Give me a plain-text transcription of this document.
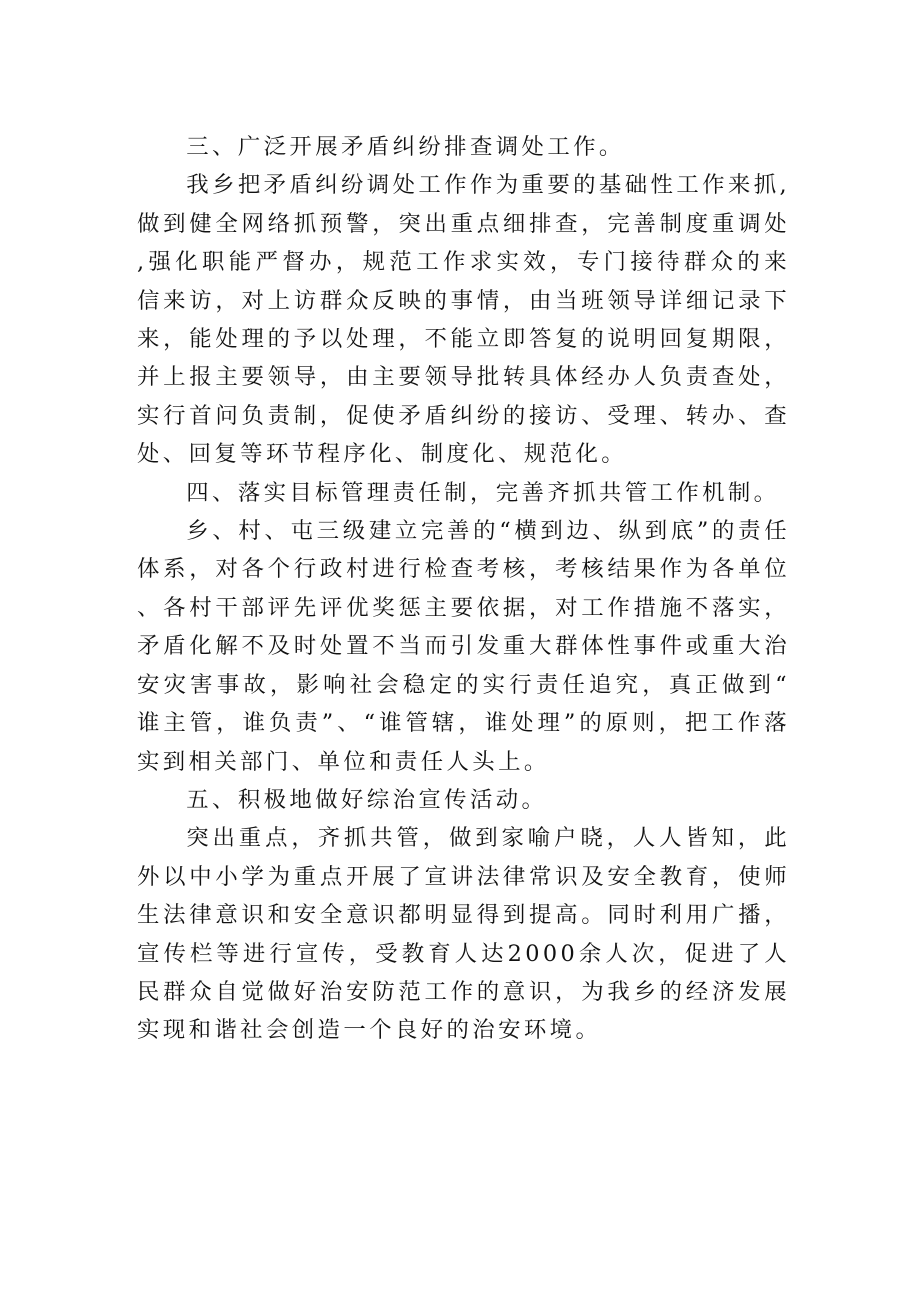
三、广泛开展矛盾纠纷排查调处工作。

我乡把矛盾纠纷调处工作作为重要的基础性工作来抓,做到健全网络抓预警，突出重点细排查，完善制度重调处,强化职能严督办，规范工作求实效，专门接待群众的来信来访，对上访群众反映的事情，由当班领导详细记录下来，能处理的予以处理，不能立即答复的说明回复期限，并上报主要领导，由主要领导批转具体经办人负责查处，实行首问负责制，促使矛盾纠纷的接访、受理、转办、查处、回复等环节程序化、制度化、规范化。

四、落实目标管理责任制，完善齐抓共管工作机制。

乡、村、屯三级建立完善的“横到边、纵到底”的责任体系，对各个行政村进行检查考核，考核结果作为各单位、各村干部评先评优奖惩主要依据，对工作措施不落实，矛盾化解不及时处置不当而引发重大群体性事件或重大治安灾害事故，影响社会稳定的实行责任追究，真正做到“谁主管，谁负责”、“谁管辖，谁处理”的原则，把工作落实到相关部门、单位和责任人头上。

五、积极地做好综治宣传活动。

突出重点，齐抓共管，做到家喻户晓，人人皆知，此外以中小学为重点开展了宣讲法律常识及安全教育，使师生法律意识和安全意识都明显得到提高。同时利用广播，宣传栏等进行宣传，受教育人达2000余人次，促进了人民群众自觉做好治安防范工作的意识，为我乡的经济发展实现和谐社会创造一个良好的治安环境。
